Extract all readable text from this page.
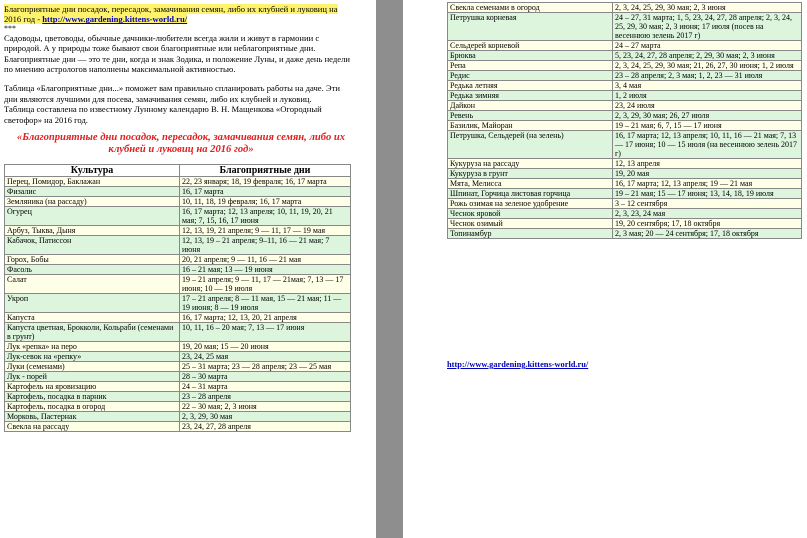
Благоприятные дни посадок, пересадок, замачивания семян, либо их клубней и луковиц на 2016 год - http://www.gardening.kittens-world.ru/
***
Садоводы, цветоводы, обычные дачники-любители всегда жили и живут в гармонии с природой. А у природы тоже бывают свои благоприятные или неблагоприятные дни. Благоприятные дни — это те дни, когда и знак Зодика, и положение Луны, и даже день недели по мнению астрологов наполнены максимальной активностью.
Таблица «Благоприятные дни...» поможет вам правильно спланировать работы на даче. Эти дни являются лучшими для посева, замачивания семян, либо их клубней и луковиц.
Таблица составлена по известному Лунному календарю В. Н. Мащенкова «Огородный светофор» на 2016 год.
«Благоприятные дни посадок, пересадок, замачивания семян, либо их клубней и луковиц на 2016 год»
Культура	Благоприятные дни
Перец, Помидор, Баклажан	22, 23 января; 18, 19 февраля; 16, 17 марта
Физалис	16, 17 марта
Земляника (на рассаду)	10, 11, 18, 19 февраля; 16, 17 марта
Огурец	16, 17 марта; 12, 13 апреля; 10, 11, 19, 20, 21 мая; 7, 15, 16, 17 июня
Арбуз, Тыква, Дыня	12, 13, 19, 21 апреля; 9 — 11, 17 — 19 мая
Кабачок, Патиссон	12, 13, 19 – 21 апреля; 9–11, 16 — 21 мая; 7 июня
Горох, Бобы	20, 21 апреля; 9 — 11, 16 — 21 мая
Фасоль	16 – 21 мая; 13 — 19 июня
Салат	19 – 21 апреля; 9 — 11, 17 — 21мая; 7, 13 — 17 июня; 10 — 19 июля
Укроп	17 – 21 апреля; 8 — 11 мая, 15 — 21 мая; 11 — 19 июня; 8 — 19 июля
Капуста	16, 17 марта; 12, 13, 20, 21 апреля
Капуста цветная, Брокколи, Кольраби (семенами в грунт)	10, 11, 16 – 20 мая; 7, 13 — 17 июня
Лук «репка» на перо	19, 20 мая; 15 — 20 июня
Лук-севок на «репку»	23, 24, 25 мая
Луки (семенами)	25 – 31 марта; 23 — 28 апреля; 23 — 25 мая
Лук - порей	28 – 30 марта
Картофель на яровизацию	24 – 31 марта
Картофель, посадка в парник	23 – 28 апреля
Картофель, посадка в огород	22 – 30 мая; 2, 3 июня
Морковь, Пастернак	2, 3, 29, 30 мая
Свекла на рассаду	23, 24, 27, 28 апреля
Свекла семенами в огород	2, 3, 24, 25, 29, 30 мая; 2, 3 июня
Петрушка корневая	24 – 27, 31 марта; 1, 5, 23, 24, 27, 28 апреля; 2, 3, 24, 25, 29, 30 мая; 2, 3 июня; 17 июля (посев на весеннюю зелень 2017 г)
Сельдерей корневой	24 – 27 марта
Брюква	5, 23, 24, 27, 28 апреля; 2, 29, 30 мая; 2, 3 июня
Репа	2, 3, 24, 25, 29, 30 мая; 21, 26, 27, 30 июня; 1, 2 июля
Редис	23 – 28 апреля; 2, 3 мая; 1, 2, 23 — 31 июля
Редька летняя	3, 4 мая
Редька зимняя	1, 2 июля
Дайкон	23, 24 июля
Ревень	2, 3, 29, 30 мая; 26, 27 июля
Базилик, Майоран	19 – 21 мая; 6, 7, 15 — 17 июня
Петрушка, Сельдерей (на зелень)	16, 17 марта; 12, 13 апреля; 10, 11, 16 — 21 мая; 7, 13 — 17 июня; 10 — 15 июля (на весеннюю зелень 2017 г)
Кукуруза на рассаду	12, 13 апреля
Кукуруза в грунт	19, 20 мая
Мята, Мелисса	16, 17 марта; 12, 13 апреля; 19 — 21 мая
Шпинат, Горчица листовая горчица	19 – 21 мая; 15 — 17 июня; 13, 14, 18, 19 июля
Рожь озимая на зеленое удобрение	3 – 12 сентября
Чеснок яровой	2, 3, 23, 24 мая
Чеснок озимый	19, 20 сентября; 17, 18 октября
Топинамбур	2, 3 мая; 20 — 24 сентября; 17, 18 октября
http://www.gardening.kittens-world.ru/
